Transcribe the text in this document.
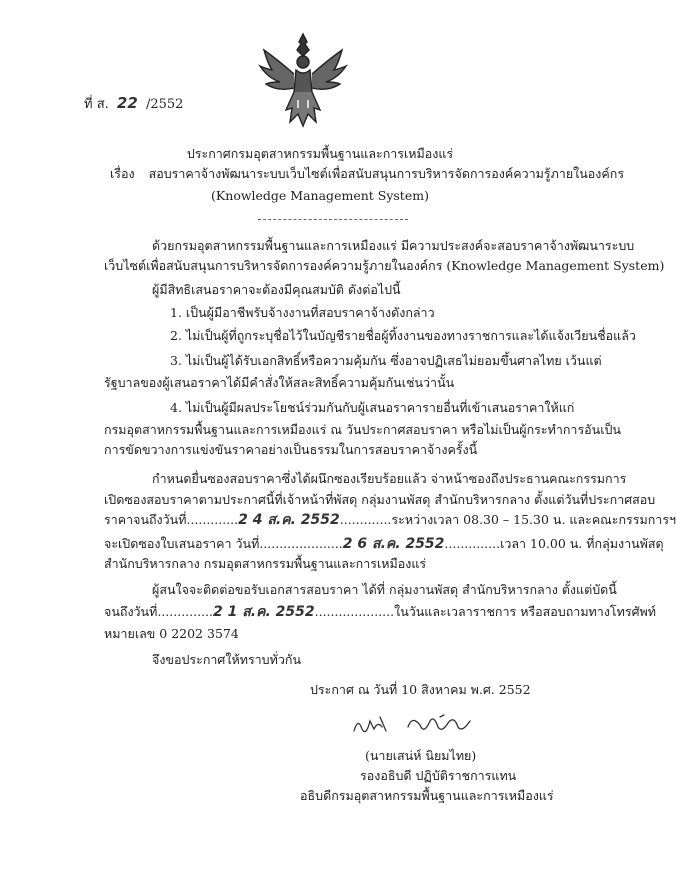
ที่ ส. 22 /2552
ประกาศกรมอุตสาหกรรมพื้นฐานและการเหมืองแร่
เรื่อง สอบราคาจ้างพัฒนาระบบเว็บไซต์เพื่อสนับสนุนการบริหารจัดการองค์ความรู้ภายในองค์กร
(Knowledge Management System)
ด้วยกรมอุตสาหกรรมพื้นฐานและการเหมืองแร่ มีความประสงค์จะสอบราคาจ้างพัฒนาระบบ
เว็บไซต์เพื่อสนับสนุนการบริหารจัดการองค์ความรู้ภายในองค์กร (Knowledge Management System)
ผู้มีสิทธิเสนอราคาจะต้องมีคุณสมบัติ ดังต่อไปนี้
1. เป็นผู้มีอาชีพรับจ้างงานที่สอบราคาจ้างดังกล่าว
2. ไม่เป็นผู้ที่ถูกระบุชื่อไว้ในบัญชีรายชื่อผู้ทิ้งงานของทางราชการและได้แจ้งเวียนชื่อแล้ว
3. ไม่เป็นผู้ได้รับเอกสิทธิ์หรือความคุ้มกัน ซึ่งอาจปฏิเสธไม่ยอมขึ้นศาลไทย เว้นแต่
รัฐบาลของผู้เสนอราคาได้มีคำสั่งให้สละสิทธิ์ความคุ้มกันเช่นว่านั้น
4. ไม่เป็นผู้มีผลประโยชน์ร่วมกันกับผู้เสนอราคารายอื่นที่เข้าเสนอราคาให้แก่
กรมอุตสาหกรรมพื้นฐานและการเหมืองแร่ ณ วันประกาศสอบราคา หรือไม่เป็นผู้กระทำการอันเป็น
การขัดขวางการแข่งขันราคาอย่างเป็นธรรมในการสอบราคาจ้างครั้งนี้
กำหนดยื่นซองสอบราคาซึ่งได้ผนึกซองเรียบร้อยแล้ว จ่าหน้าซองถึงประธานคณะกรรมการ
เปิดซองสอบราคาตามประกาศนี้ที่เจ้าหน้าที่พัสดุ กลุ่มงานพัสดุ สำนักบริหารกลาง ตั้งแต่วันที่ประกาศสอบ
ราคาจนถึงวันที่.............2 4 ส.ค. 2552.............ระหว่างเวลา 08.30 – 15.30 น. และคณะกรรมการฯ
จะเปิดซองใบเสนอราคา วันที่.....................2 6 ส.ค. 2552..............เวลา 10.00 น. ที่กลุ่มงานพัสดุ
สำนักบริหารกลาง กรมอุตสาหกรรมพื้นฐานและการเหมืองแร่
ผู้สนใจจะติดต่อขอรับเอกสารสอบราคา ได้ที่ กลุ่มงานพัสดุ สำนักบริหารกลาง ตั้งแต่บัดนี้
จนถึงวันที่..............2 1 ส.ค. 2552....................ในวันและเวลาราชการ หรือสอบถามทางโทรศัพท์
หมายเลข 0 2202 3574
จึงขอประกาศให้ทราบทั่วกัน
ประกาศ ณ วันที่ 10 สิงหาคม พ.ศ. 2552
(นายเสน่ห์ นิยมไทย)
รองอธิบดี ปฏิบัติราชการแทน
อธิบดีกรมอุตสาหกรรมพื้นฐานและการเหมืองแร่
